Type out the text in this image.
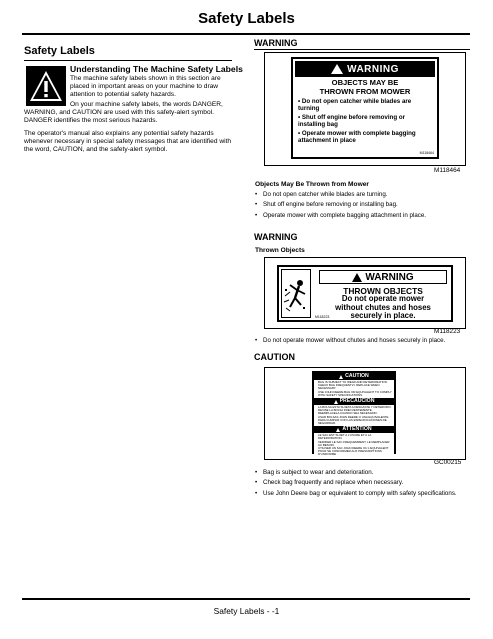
Safety Labels
Safety Labels
Understanding The Machine Safety Labels
The machine safety labels shown in this section are placed in important areas on your machine to draw attention to potential safety hazards.
On your machine safety labels, the words DANGER, WARNING, and CAUTION are used with this safety-alert symbol. DANGER identifies the most serious hazards.
The operator's manual also explains any potential safety hazards whenever necessary in special safety messages that are identified with the word, CAUTION, and the safety-alert symbol.
WARNING
WARNING
OBJECTS MAY BE
THROWN FROM MOWER
• Do not open catcher while blades are turning
• Shut off engine before removing or installing bag
• Operate mower with complete bagging attachment in place
M118464
M118464
Objects May Be Thrown from Mower
• Do not open catcher while blades are turning.
• Shut off engine before removing or installing bag.
• Operate mower with complete bagging attachment in place.
WARNING
Thrown Objects
WARNING
THROWN OBJECTS
Do not operate mower
without chutes and hoses
securely in place.
M118223
M118223
• Do not operate mower without chutes and hoses securely in place.
CAUTION
CAUTION
BAG IS SUBJECT TO WEAR AND DETERIORATION.
CHECK BAG FREQUENTLY. REPLACE WHEN NECESSARY.
USE JOHN DEERE BAG OR EQUIVALENT TO COMPLY WITH SAFETY SPECIFICATIONS.
PRECAUCION
LA BOLSA ESTA SUJETA A DESGASTE Y DETERIORO.
REVISE LA BOLSA FRECUENTEMENTE. REEMPLACELA CUANDO SEA NECESARIO.
USAR BOLSAS JOHN DEERE O UNA EQUIVALENTE PARA CUMPLIR CON LAS ESPECIFICACIONES DE SEGURIDAD.
ATTENTION
LE SAC EST SUJET A L'USURE ET A LA DETERIORATION.
VERIFIER LE SAC FREQUEMMENT, LE REMPLACER AU BESOIN.
UTILISER UN SAC JOHN DEERE OU L'EQUIVALENT POUR SE CONFORMER AUX PRESCRIPTIONS D'UNIFORME
GC00215
• Bag is subject to wear and deterioration.
• Check bag frequently and replace when necessary.
• Use John Deere bag or equivalent to comply with safety specifications.
Safety Labels - -1
